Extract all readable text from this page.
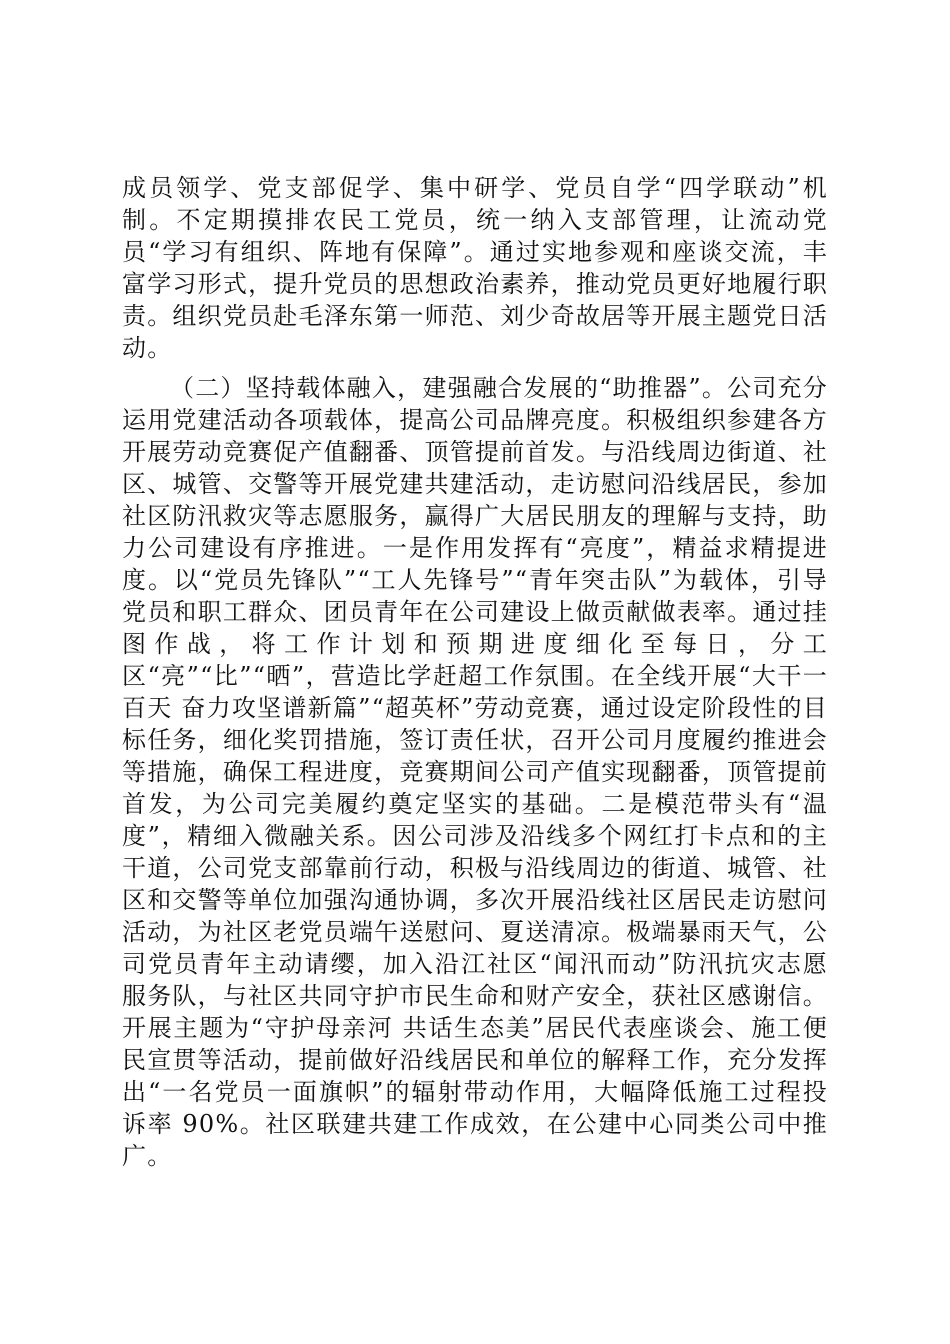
成员领学、党支部促学、集中研学、党员自学“四学联动”机制。不定期摸排农民工党员，统一纳入支部管理，让流动党员“学习有组织、阵地有保障”。通过实地参观和座谈交流，丰富学习形式，提升党员的思想政治素养，推动党员更好地履行职责。组织党员赴毛泽东第一师范、刘少奇故居等开展主题党日活动。

（二）坚持载体融入，建强融合发展的“助推器”。公司充分运用党建活动各项载体，提高公司品牌亮度。积极组织参建各方开展劳动竞赛促产值翻番、顶管提前首发。与沿线周边街道、社区、城管、交警等开展党建共建活动，走访慰问沿线居民，参加社区防汛救灾等志愿服务，赢得广大居民朋友的理解与支持，助力公司建设有序推进。一是作用发挥有“亮度”，精益求精提进度。以“党员先锋队”“工人先锋号”“青年突击队”为载体，引导党员和职工群众、团员青年在公司建设上做贡献做表率。通过挂图作战，将工作计划和预期进度细化至每日，分工区“亮”“比”“晒”，营造比学赶超工作氛围。在全线开展“大干一百天 奋力攻坚谱新篇”“超英杯”劳动竞赛，通过设定阶段性的目标任务，细化奖罚措施，签订责任状，召开公司月度履约推进会等措施，确保工程进度，竞赛期间公司产值实现翻番，顶管提前首发，为公司完美履约奠定坚实的基础。二是模范带头有“温度”，精细入微融关系。因公司涉及沿线多个网红打卡点和的主干道，公司党支部靠前行动，积极与沿线周边的街道、城管、社区和交警等单位加强沟通协调，多次开展沿线社区居民走访慰问活动，为社区老党员端午送慰问、夏送清凉。极端暴雨天气，公司党员青年主动请缨，加入沿江社区“闻汛而动”防汛抗灾志愿服务队，与社区共同守护市民生命和财产安全，获社区感谢信。开展主题为“守护母亲河 共话生态美”居民代表座谈会、施工便民宣贯等活动，提前做好沿线居民和单位的解释工作，充分发挥出“一名党员一面旗帜”的辐射带动作用，大幅降低施工过程投诉率 90%。社区联建共建工作成效，在公建中心同类公司中推广。
